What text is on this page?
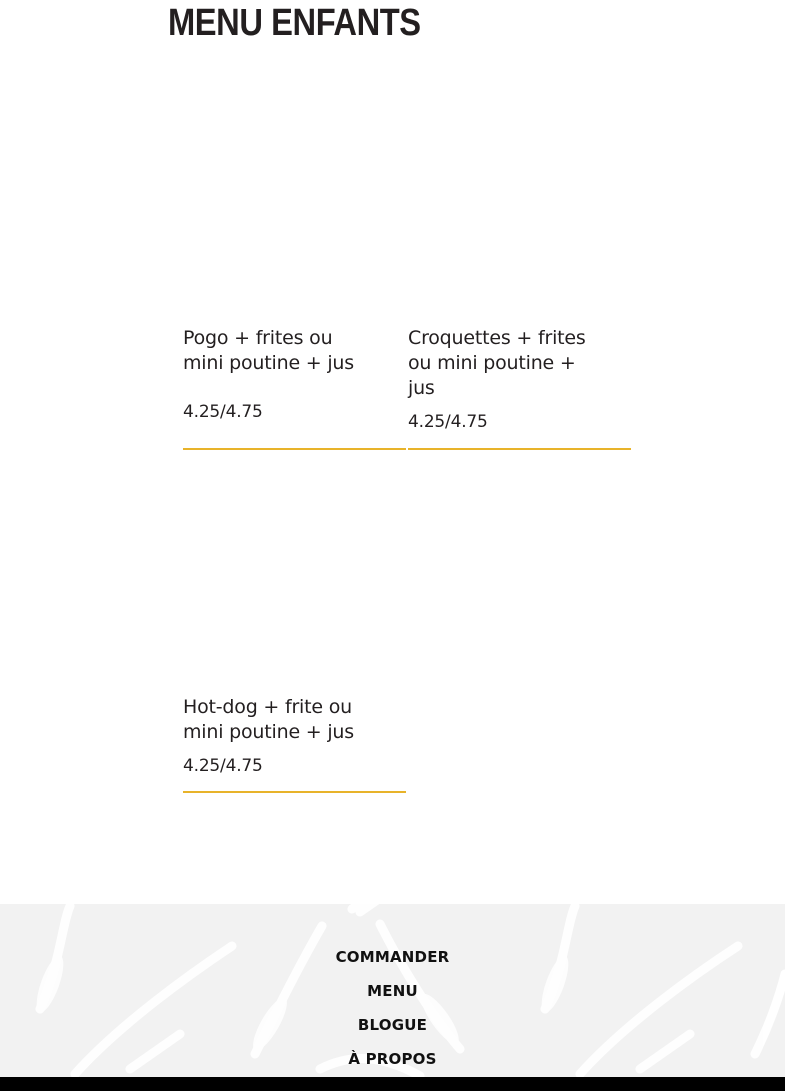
MENU ENFANTS
Pogo + frites ou mini poutine + jus
4.25/4.75
Croquettes + frites ou mini poutine + jus
4.25/4.75
Hot-dog + frite ou mini poutine + jus
4.25/4.75
COMMANDER
MENU
BLOGUE
À PROPOS
